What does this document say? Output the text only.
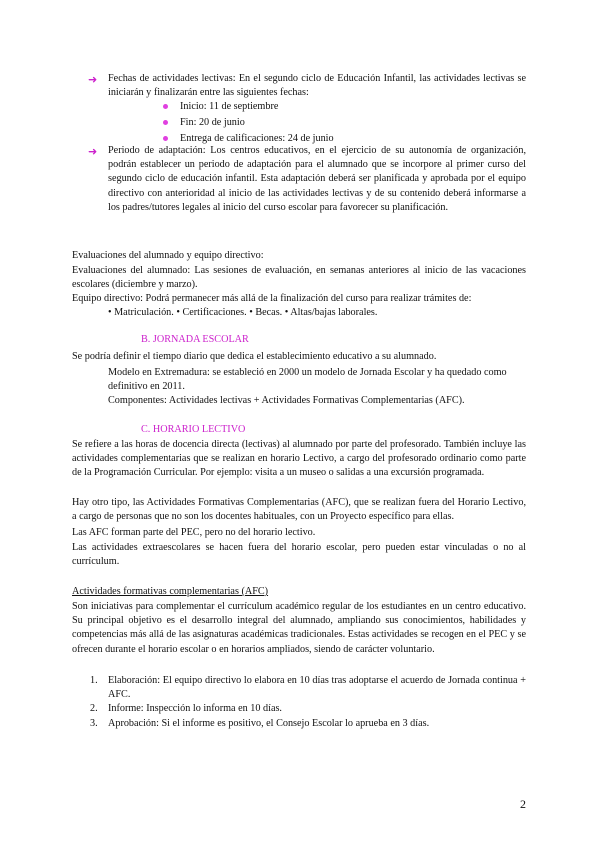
➜ Fechas de actividades lectivas: En el segundo ciclo de Educación Infantil, las actividades lectivas se iniciarán y finalizarán entre las siguientes fechas:
Inicio: 11 de septiembre
Fin: 20 de junio
Entrega de calificaciones: 24 de junio
➜ Periodo de adaptación: Los centros educativos, en el ejercicio de su autonomía de organización, podrán establecer un periodo de adaptación para el alumnado que se incorpore al primer curso del segundo ciclo de educación infantil. Esta adaptación deberá ser planificada y aprobada por el equipo directivo con anterioridad al inicio de las actividades lectivas y de su contenido deberá informarse a los padres/tutores legales al inicio del curso escolar para favorecer su planificación.
Evaluaciones del alumnado y equipo directivo:
Evaluaciones del alumnado: Las sesiones de evaluación, en semanas anteriores al inicio de las vacaciones escolares (diciembre y marzo).
Equipo directivo: Podrá permanecer más allá de la finalización del curso para realizar trámites de:
• Matriculación. • Certificaciones. • Becas. • Altas/bajas laborales.
B. JORNADA ESCOLAR
Se podría definir el tiempo diario que dedica el establecimiento educativo a su alumnado.
Modelo en Extremadura: se estableció en 2000 un modelo de Jornada Escolar y ha quedado como definitivo en 2011.
Componentes: Actividades lectivas + Actividades Formativas Complementarias (AFC).
C. HORARIO LECTIVO
Se refiere a las horas de docencia directa (lectivas) al alumnado por parte del profesorado. También incluye las actividades complementarias que se realizan en horario Lectivo, a cargo del profesorado ordinario como parte de la Programación Curricular. Por ejemplo: visita a un museo o salidas a una excursión programada.
Hay otro tipo, las Actividades Formativas Complementarias (AFC), que se realizan fuera del Horario Lectivo, a cargo de personas que no son los docentes habituales, con un Proyecto específico para ellas.
Las AFC forman parte del PEC, pero no del horario lectivo.
Las actividades extraescolares se hacen fuera del horario escolar, pero pueden estar vinculadas o no al currículum.
Actividades formativas complementarias (AFC)
Son iniciativas para complementar el currículum académico regular de los estudiantes en un centro educativo. Su principal objetivo es el desarrollo integral del alumnado, ampliando sus conocimientos, habilidades y competencias más allá de las asignaturas académicas tradicionales. Estas actividades se recogen en el PEC y se ofrecen durante el horario escolar o en horarios ampliados, siendo de carácter voluntario.
1. Elaboración: El equipo directivo lo elabora en 10 días tras adoptarse el acuerdo de Jornada continua + AFC.
2. Informe: Inspección lo informa en 10 días.
3. Aprobación: Si el informe es positivo, el Consejo Escolar lo aprueba en 3 días.
2
